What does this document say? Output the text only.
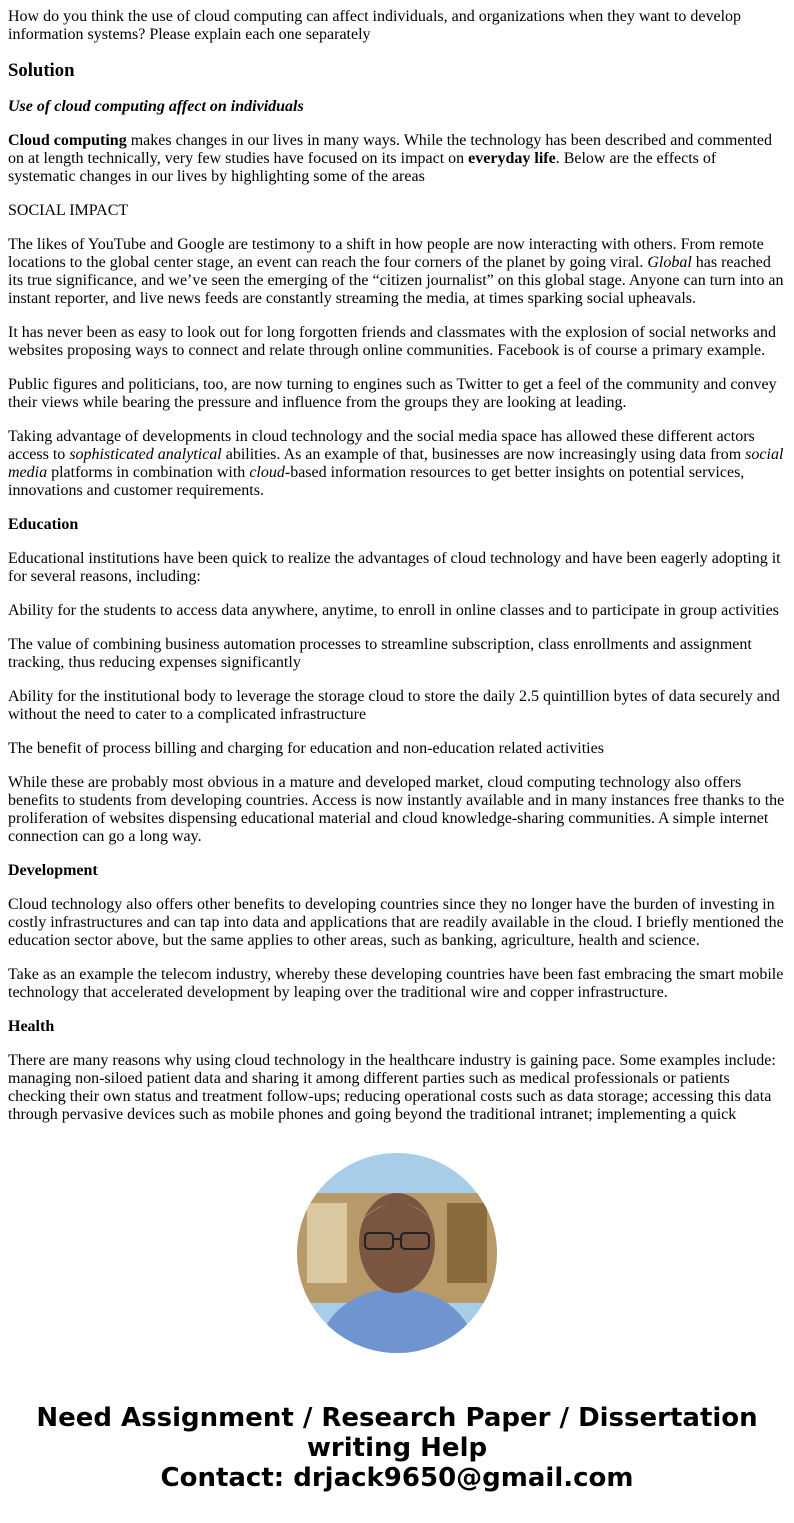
How do you think the use of cloud computing can affect individuals, and organizations when they want to develop information systems? Please explain each one separately

Solution

Use of cloud computing affect on individuals

Cloud computing makes changes in our lives in many ways. While the technology has been described and commented on at length technically, very few studies have focused on its impact on everyday life. Below are the effects of systematic changes in our lives by highlighting some of the areas

SOCIAL IMPACT

The likes of YouTube and Google are testimony to a shift in how people are now interacting with others. From remote locations to the global center stage, an event can reach the four corners of the planet by going viral. Global has reached its true significance, and we’ve seen the emerging of the “citizen journalist” on this global stage. Anyone can turn into an instant reporter, and live news feeds are constantly streaming the media, at times sparking social upheavals.

It has never been as easy to look out for long forgotten friends and classmates with the explosion of social networks and websites proposing ways to connect and relate through online communities. Facebook is of course a primary example.

Public figures and politicians, too, are now turning to engines such as Twitter to get a feel of the community and convey their views while bearing the pressure and influence from the groups they are looking at leading.

Taking advantage of developments in cloud technology and the social media space has allowed these different actors access to sophisticated analytical abilities. As an example of that, businesses are now increasingly using data from social media platforms in combination with cloud-based information resources to get better insights on potential services, innovations and customer requirements.

Education

Educational institutions have been quick to realize the advantages of cloud technology and have been eagerly adopting it for several reasons, including:

Ability for the students to access data anywhere, anytime, to enroll in online classes and to participate in group activities

The value of combining business automation processes to streamline subscription, class enrollments and assignment tracking, thus reducing expenses significantly

Ability for the institutional body to leverage the storage cloud to store the daily 2.5 quintillion bytes of data securely and without the need to cater to a complicated infrastructure

The benefit of process billing and charging for education and non-education related activities

While these are probably most obvious in a mature and developed market, cloud computing technology also offers benefits to students from developing countries. Access is now instantly available and in many instances free thanks to the proliferation of websites dispensing educational material and cloud knowledge-sharing communities. A simple internet connection can go a long way.

Development

Cloud technology also offers other benefits to developing countries since they no longer have the burden of investing in costly infrastructures and can tap into data and applications that are readily available in the cloud. I briefly mentioned the education sector above, but the same applies to other areas, such as banking, agriculture, health and science.

Take as an example the telecom industry, whereby these developing countries have been fast embracing the smart mobile technology that accelerated development by leaping over the traditional wire and copper infrastructure.

Health

There are many reasons why using cloud technology in the healthcare industry is gaining pace. Some examples include: managing non-siloed patient data and sharing it among different parties such as medical professionals or patients checking their own status and treatment follow-ups; reducing operational costs such as data storage; accessing this data through pervasive devices such as mobile phones and going beyond the traditional intranet; implementing a quick

Need Assignment / Research Paper / Dissertation writing Help
Contact: drjack9650@gmail.com
